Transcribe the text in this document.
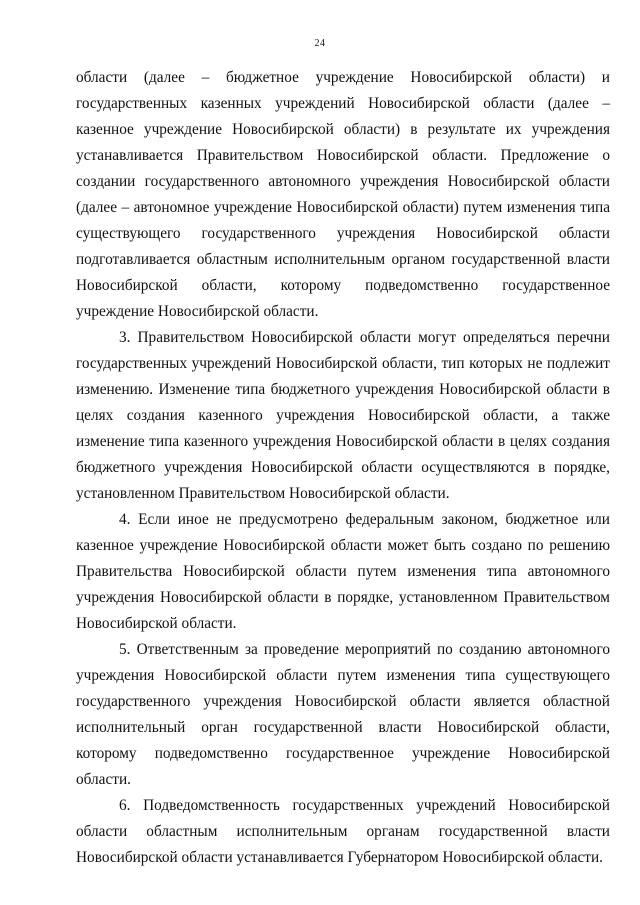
24

области (далее – бюджетное учреждение Новосибирской области) и государственных казенных учреждений Новосибирской области (далее – казенное учреждение Новосибирской области) в результате их учреждения устанавливается Правительством Новосибирской области. Предложение о создании государственного автономного учреждения Новосибирской области (далее – автономное учреждение Новосибирской области) путем изменения типа существующего государственного учреждения Новосибирской области подготавливается областным исполнительным органом государственной власти Новосибирской области, которому подведомственно государственное учреждение Новосибирской области.

3. Правительством Новосибирской области могут определяться перечни государственных учреждений Новосибирской области, тип которых не подлежит изменению. Изменение типа бюджетного учреждения Новосибирской области в целях создания казенного учреждения Новосибирской области, а также изменение типа казенного учреждения Новосибирской области в целях создания бюджетного учреждения Новосибирской области осуществляются в порядке, установленном Правительством Новосибирской области.

4. Если иное не предусмотрено федеральным законом, бюджетное или казенное учреждение Новосибирской области может быть создано по решению Правительства Новосибирской области путем изменения типа автономного учреждения Новосибирской области в порядке, установленном Правительством Новосибирской области.

5. Ответственным за проведение мероприятий по созданию автономного учреждения Новосибирской области путем изменения типа существующего государственного учреждения Новосибирской области является областной исполнительный орган государственной власти Новосибирской области, которому подведомственно государственное учреждение Новосибирской области.

6. Подведомственность государственных учреждений Новосибирской области областным исполнительным органам государственной власти Новосибирской области устанавливается Губернатором Новосибирской области.
